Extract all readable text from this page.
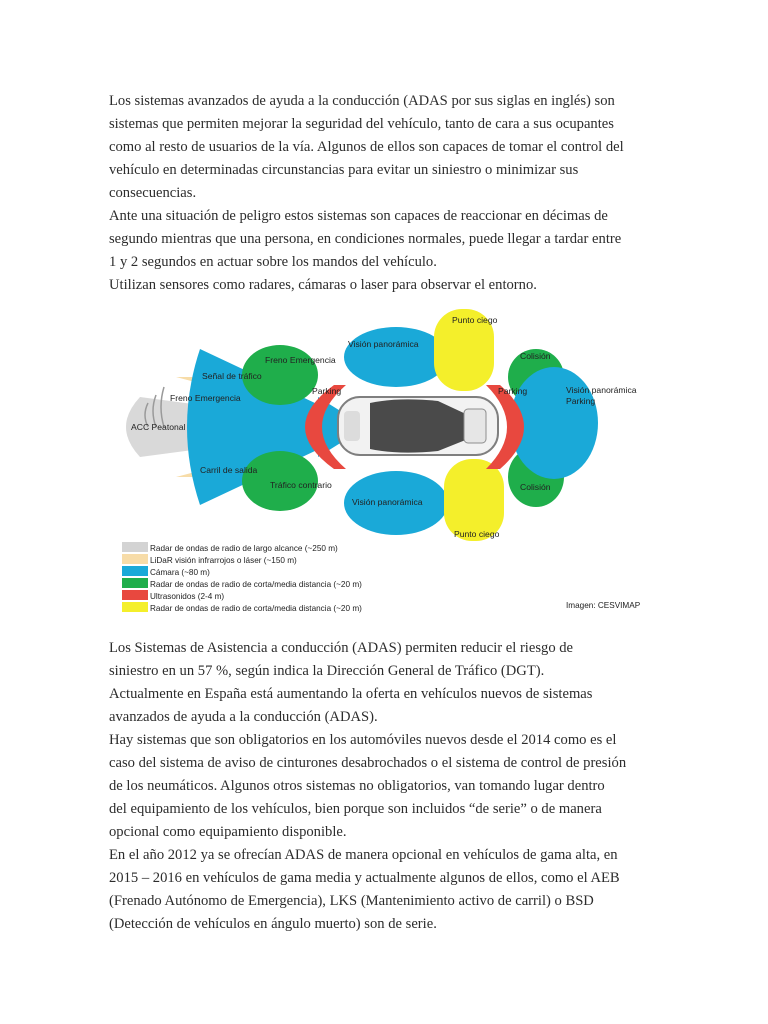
Los sistemas avanzados de ayuda a la conducción (ADAS por sus siglas en inglés) son
sistemas que permiten mejorar la seguridad del vehículo, tanto de cara a sus ocupantes
como al resto de usuarios de la vía. Algunos de ellos son capaces de tomar el control del
vehículo en determinadas circunstancias para evitar un siniestro o minimizar sus
consecuencias.
Ante una situación de peligro estos sistemas son capaces de reaccionar en décimas de
segundo mientras que una persona, en condiciones normales, puede llegar a tardar entre
1 y 2 segundos en actuar sobre los mandos del vehículo.
Utilizan sensores como radares, cámaras o laser para observar el entorno.
Punto ciego
Visión panorámica
Freno Emergencia
Señal de tráfico
Freno Emergencia
ACC Peatonal
Carril de salida
Tráfico contrario
Visión panorámica
Punto ciego
Parking	Parking
Colisión
Colisión
Visión panorámica
Parking
Radar de ondas de radio de largo alcance (~250 m)
LiDaR visión infrarrojos o láser (~150 m)
Cámara (~80 m)
Radar de ondas de radio de corta/media distancia (~20 m)
Ultrasonidos (2-4 m)
Radar de ondas de radio de corta/media distancia (~20 m)	Imagen: CESVIMAP
Los Sistemas de Asistencia a conducción (ADAS) permiten reducir el riesgo de
siniestro en un 57 %, según indica la Dirección General de Tráfico (DGT).
Actualmente en España está aumentando la oferta en vehículos nuevos de sistemas
avanzados de ayuda a la conducción (ADAS).
Hay sistemas que son obligatorios en los automóviles nuevos desde el 2014 como es el
caso del sistema de aviso de cinturones desabrochados o el sistema de control de presión
de los neumáticos. Algunos otros sistemas no obligatorios, van tomando lugar dentro
del equipamiento de los vehículos, bien porque son incluidos “de serie” o de manera
opcional como equipamiento disponible.
En el año 2012 ya se ofrecían ADAS de manera opcional en vehículos de gama alta, en
2015 – 2016 en vehículos de gama media y actualmente algunos de ellos, como el AEB
(Frenado Autónomo de Emergencia), LKS (Mantenimiento activo de carril) o BSD
(Detección de vehículos en ángulo muerto) son de serie.
